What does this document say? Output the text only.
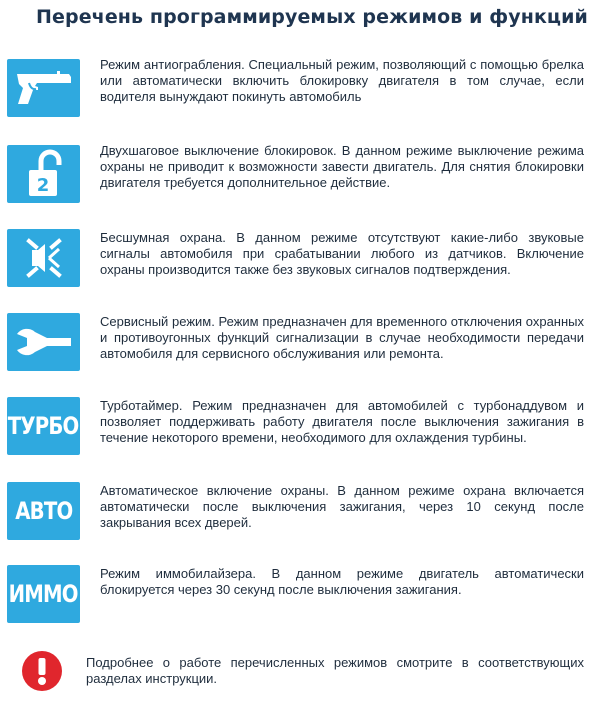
Перечень программируемых режимов и функций
Режим антиограбления. Специальный режим, позволяющий с помощью брелка или автоматически включить блокировку двигателя в том случае, если водителя вынуждают покинуть автомобиль
2
Двухшаговое выключение блокировок. В данном режиме выключение режима охраны не приводит к возможности завести двигатель. Для снятия блокировки двигателя требуется дополнительное действие.
Бесшумная охрана. В данном режиме отсутствуют какие-либо звуковые сигналы автомобиля при срабатывании любого из датчиков. Включение охраны производится также без звуковых сигналов подтверждения.
Сервисный режим. Режим предназначен для временного отключения охранных и противоугонных функций сигнализации в случае необходимости передачи автомобиля для сервисного обслуживания или ремонта.
ТУРБО
Турботаймер. Режим предназначен для автомобилей с турбонаддувом и позволяет поддерживать работу двигателя после выключения зажигания в течение некоторого времени, необходимого для охлаждения турбины.
АВТО
Автоматическое включение охраны. В данном режиме охрана включается автоматически после выключения зажигания, через 10 секунд после закрывания всех дверей.
ИММО
Режим иммобилайзера. В данном режиме двигатель автоматически блокируется через 30 секунд после выключения зажигания.
Подробнее о работе перечисленных режимов смотрите в соответствующих разделах инструкции.
